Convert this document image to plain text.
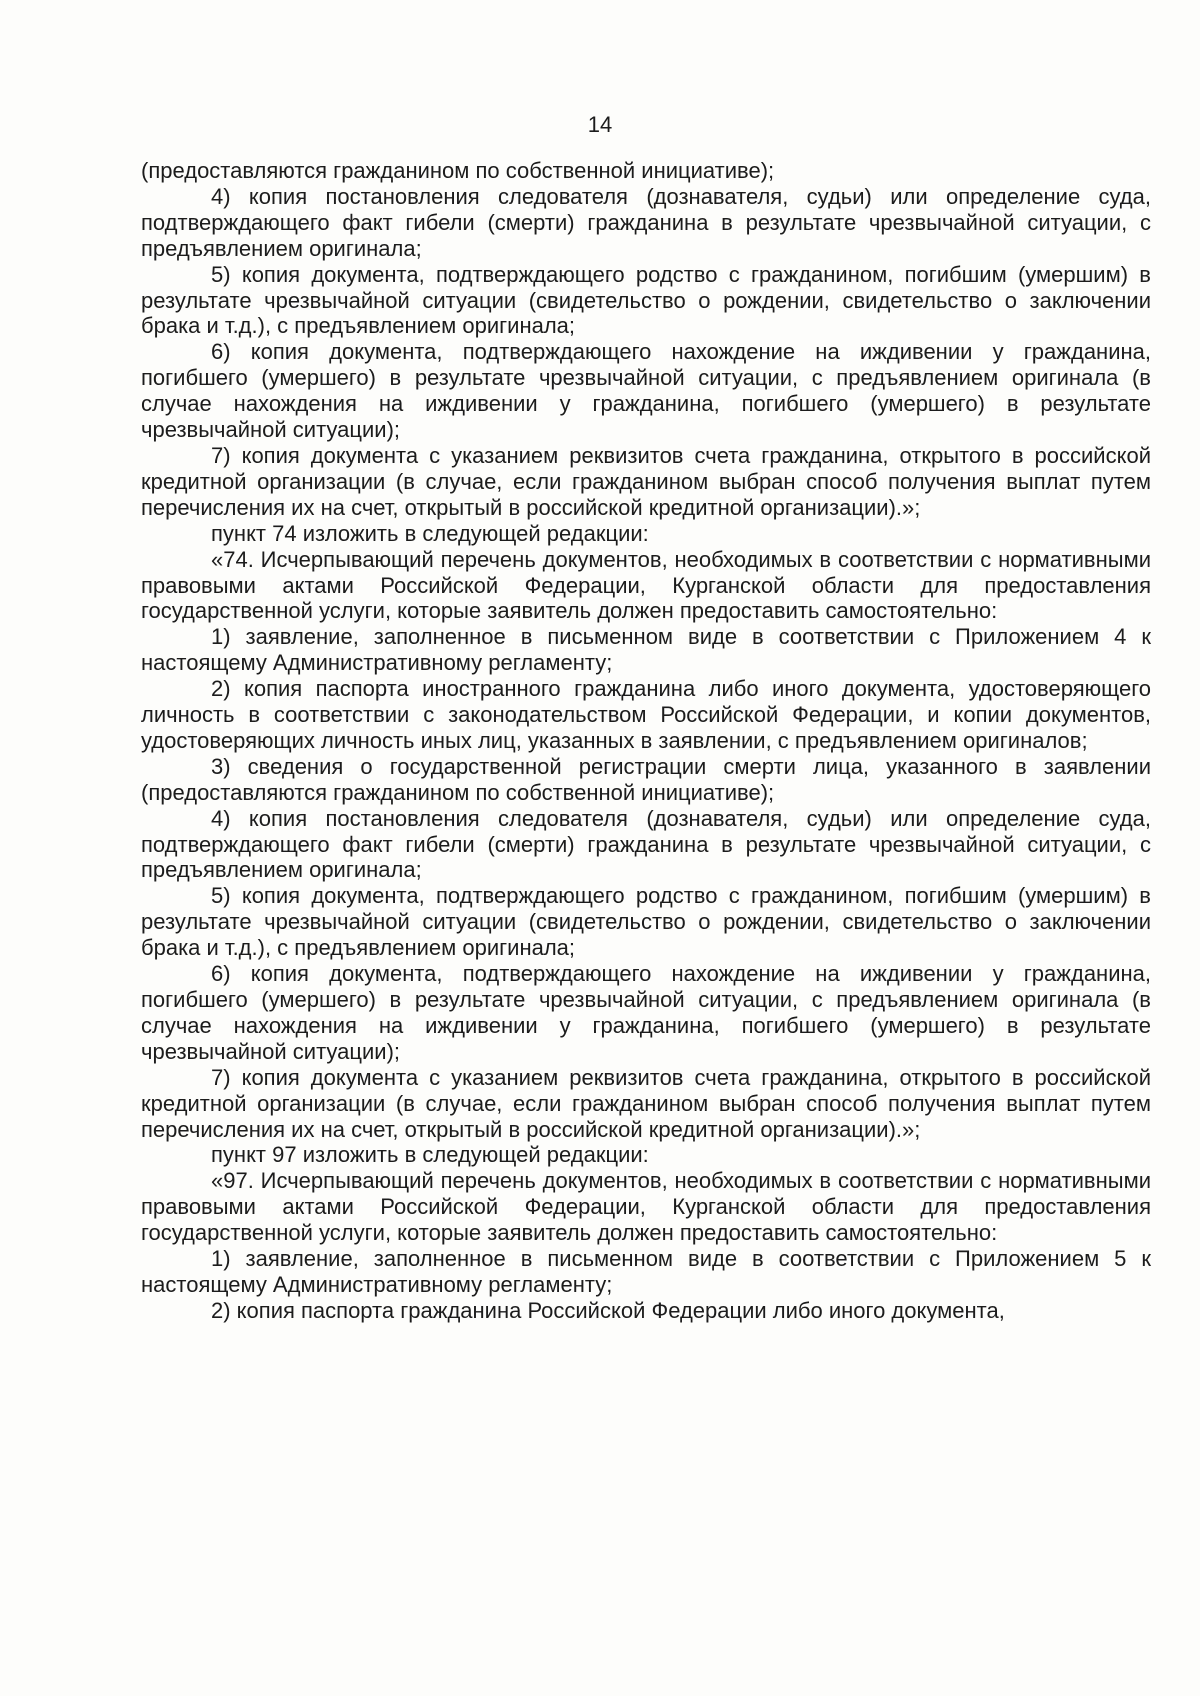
14

(предоставляются гражданином по собственной инициативе);

4) копия постановления следователя (дознавателя, судьи) или определение суда, подтверждающего факт гибели (смерти) гражданина в результате чрезвычайной ситуации, с предъявлением оригинала;

5) копия документа, подтверждающего родство с гражданином, погибшим (умершим) в результате чрезвычайной ситуации (свидетельство о рождении, свидетельство о заключении брака и т.д.), с предъявлением оригинала;

6) копия документа, подтверждающего нахождение на иждивении у гражданина, погибшего (умершего) в результате чрезвычайной ситуации, с предъявлением оригинала (в случае нахождения на иждивении у гражданина, погибшего (умершего) в результате чрезвычайной ситуации);

7) копия документа с указанием реквизитов счета гражданина, открытого в российской кредитной организации (в случае, если гражданином выбран способ получения выплат путем перечисления их на счет, открытый в российской кредитной организации).»;

пункт 74 изложить в следующей редакции:

«74. Исчерпывающий перечень документов, необходимых в соответствии с нормативными правовыми актами Российской Федерации, Курганской области для предоставления государственной услуги, которые заявитель должен предоставить самостоятельно:

1) заявление, заполненное в письменном виде в соответствии с Приложением 4 к настоящему Административному регламенту;

2) копия паспорта иностранного гражданина либо иного документа, удостоверяющего личность в соответствии с законодательством Российской Федерации, и копии документов, удостоверяющих личность иных лиц, указанных в заявлении, с предъявлением оригиналов;

3) сведения о государственной регистрации смерти лица, указанного в заявлении (предоставляются гражданином по собственной инициативе);

4) копия постановления следователя (дознавателя, судьи) или определение суда, подтверждающего факт гибели (смерти) гражданина в результате чрезвычайной ситуации, с предъявлением оригинала;

5) копия документа, подтверждающего родство с гражданином, погибшим (умершим) в результате чрезвычайной ситуации (свидетельство о рождении, свидетельство о заключении брака и т.д.), с предъявлением оригинала;

6) копия документа, подтверждающего нахождение на иждивении у гражданина, погибшего (умершего) в результате чрезвычайной ситуации, с предъявлением оригинала (в случае нахождения на иждивении у гражданина, погибшего (умершего) в результате чрезвычайной ситуации);

7) копия документа с указанием реквизитов счета гражданина, открытого в российской кредитной организации (в случае, если гражданином выбран способ получения выплат путем перечисления их на счет, открытый в российской кредитной организации).»;

пункт 97 изложить в следующей редакции:

«97. Исчерпывающий перечень документов, необходимых в соответствии с нормативными правовыми актами Российской Федерации, Курганской области для предоставления государственной услуги, которые заявитель должен предоставить самостоятельно:

1) заявление, заполненное в письменном виде в соответствии с Приложением 5 к настоящему Административному регламенту;

2) копия паспорта гражданина Российской Федерации либо иного документа,
